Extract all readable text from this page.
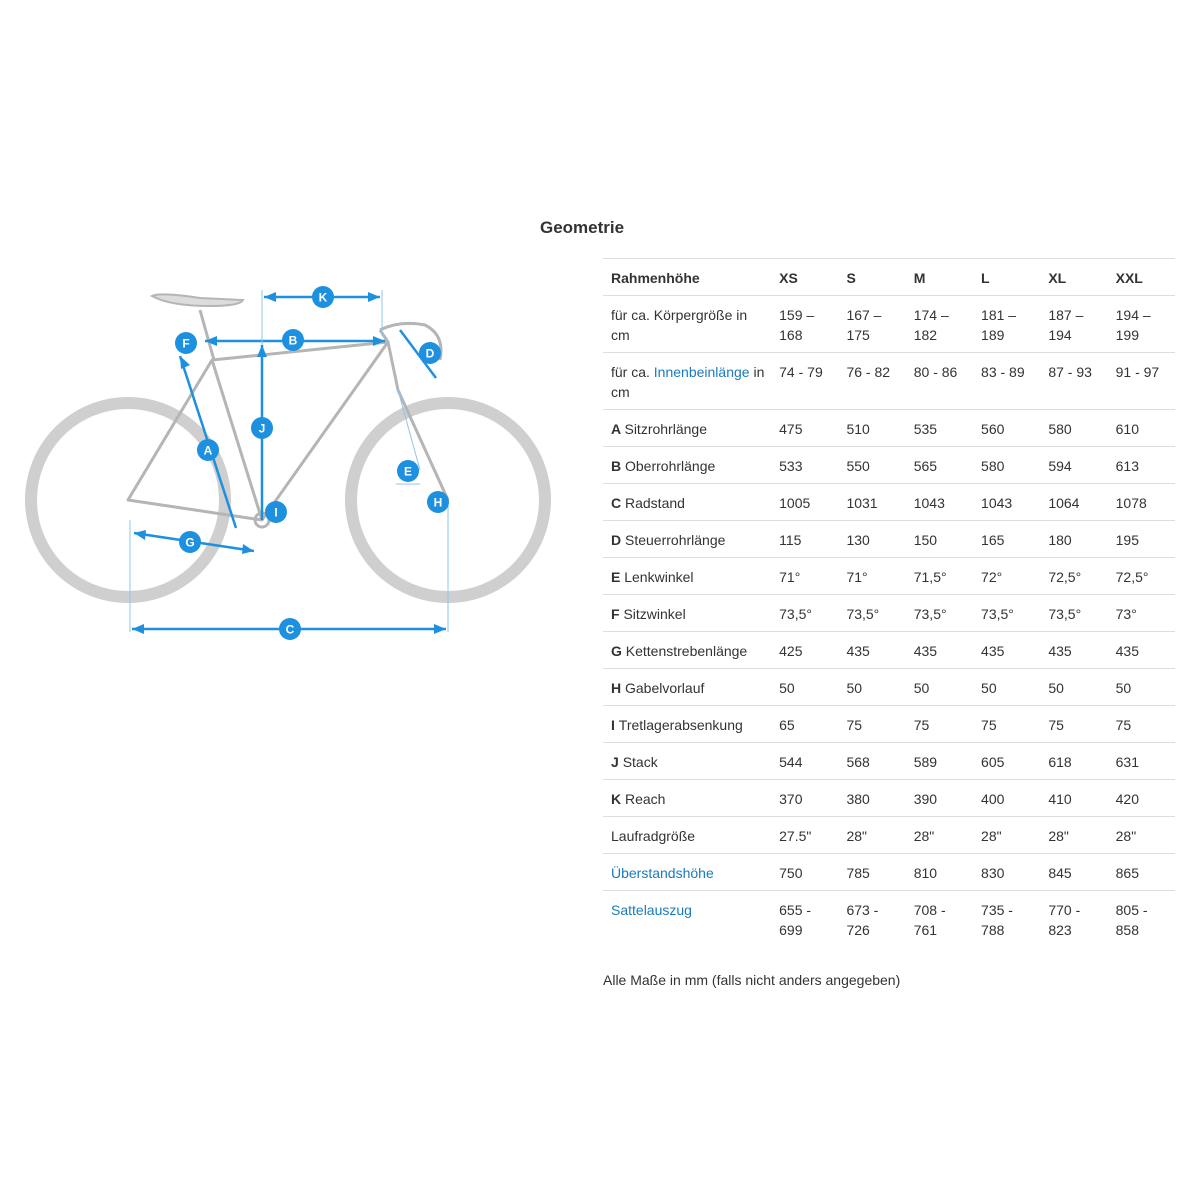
Geometrie
A
B
C
D
E
F
G
H
I
J
K
Rahmenhöhe	XS	S	M	L	XL	XXL
für ca. Körpergröße in cm	159 – 168	167 – 175	174 – 182	181 – 189	187 – 194	194 – 199
für ca. Innenbeinlänge in cm	74 - 79	76 - 82	80 - 86	83 - 89	87 - 93	91 - 97
A Sitzrohrlänge	475	510	535	560	580	610
B Oberrohrlänge	533	550	565	580	594	613
C Radstand	1005	1031	1043	1043	1064	1078
D Steuerrohrlänge	115	130	150	165	180	195
E Lenkwinkel	71°	71°	71,5°	72°	72,5°	72,5°
F Sitzwinkel	73,5°	73,5°	73,5°	73,5°	73,5°	73°
G Kettenstrebenlänge	425	435	435	435	435	435
H Gabelvorlauf	50	50	50	50	50	50
I Tretlagerabsenkung	65	75	75	75	75	75
J Stack	544	568	589	605	618	631
K Reach	370	380	390	400	410	420
Laufradgröße	27.5"	28"	28"	28"	28"	28"
Überstandshöhe	750	785	810	830	845	865
Sattelauszug	655 - 699	673 - 726	708 - 761	735 - 788	770 - 823	805 - 858
Alle Maße in mm (falls nicht anders angegeben)
